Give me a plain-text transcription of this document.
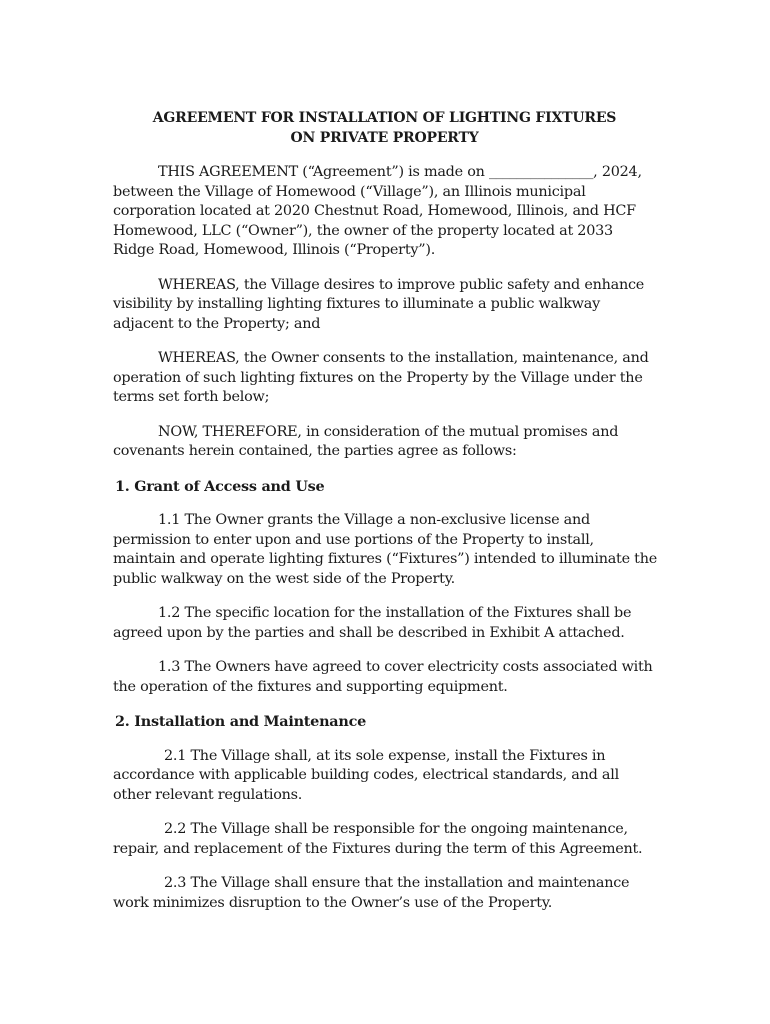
AGREEMENT FOR INSTALLATION OF LIGHTING FIXTURES
ON PRIVATE PROPERTY

THIS AGREEMENT (“Agreement”) is made on _______________, 2024, between the Village of Homewood (“Village”), an Illinois municipal corporation located at 2020 Chestnut Road, Homewood, Illinois, and HCF Homewood, LLC (“Owner”), the owner of the property located at 2033 Ridge Road, Homewood, Illinois (“Property”).

WHEREAS, the Village desires to improve public safety and enhance visibility by installing lighting fixtures to illuminate a public walkway adjacent to the Property; and

WHEREAS, the Owner consents to the installation, maintenance, and operation of such lighting fixtures on the Property by the Village under the terms set forth below;

NOW, THEREFORE, in consideration of the mutual promises and covenants herein contained, the parties agree as follows:

1. Grant of Access and Use

1.1 The Owner grants the Village a non-exclusive license and permission to enter upon and use portions of the Property to install, maintain and operate lighting fixtures (“Fixtures”) intended to illuminate the public walkway on the west side of the Property.

1.2 The specific location for the installation of the Fixtures shall be agreed upon by the parties and shall be described in Exhibit A attached.

1.3 The Owners have agreed to cover electricity costs associated with the operation of the fixtures and supporting equipment.

2. Installation and Maintenance

2.1 The Village shall, at its sole expense, install the Fixtures in accordance with applicable building codes, electrical standards, and all other relevant regulations.

2.2 The Village shall be responsible for the ongoing maintenance, repair, and replacement of the Fixtures during the term of this Agreement.

2.3 The Village shall ensure that the installation and maintenance work minimizes disruption to the Owner’s use of the Property.
